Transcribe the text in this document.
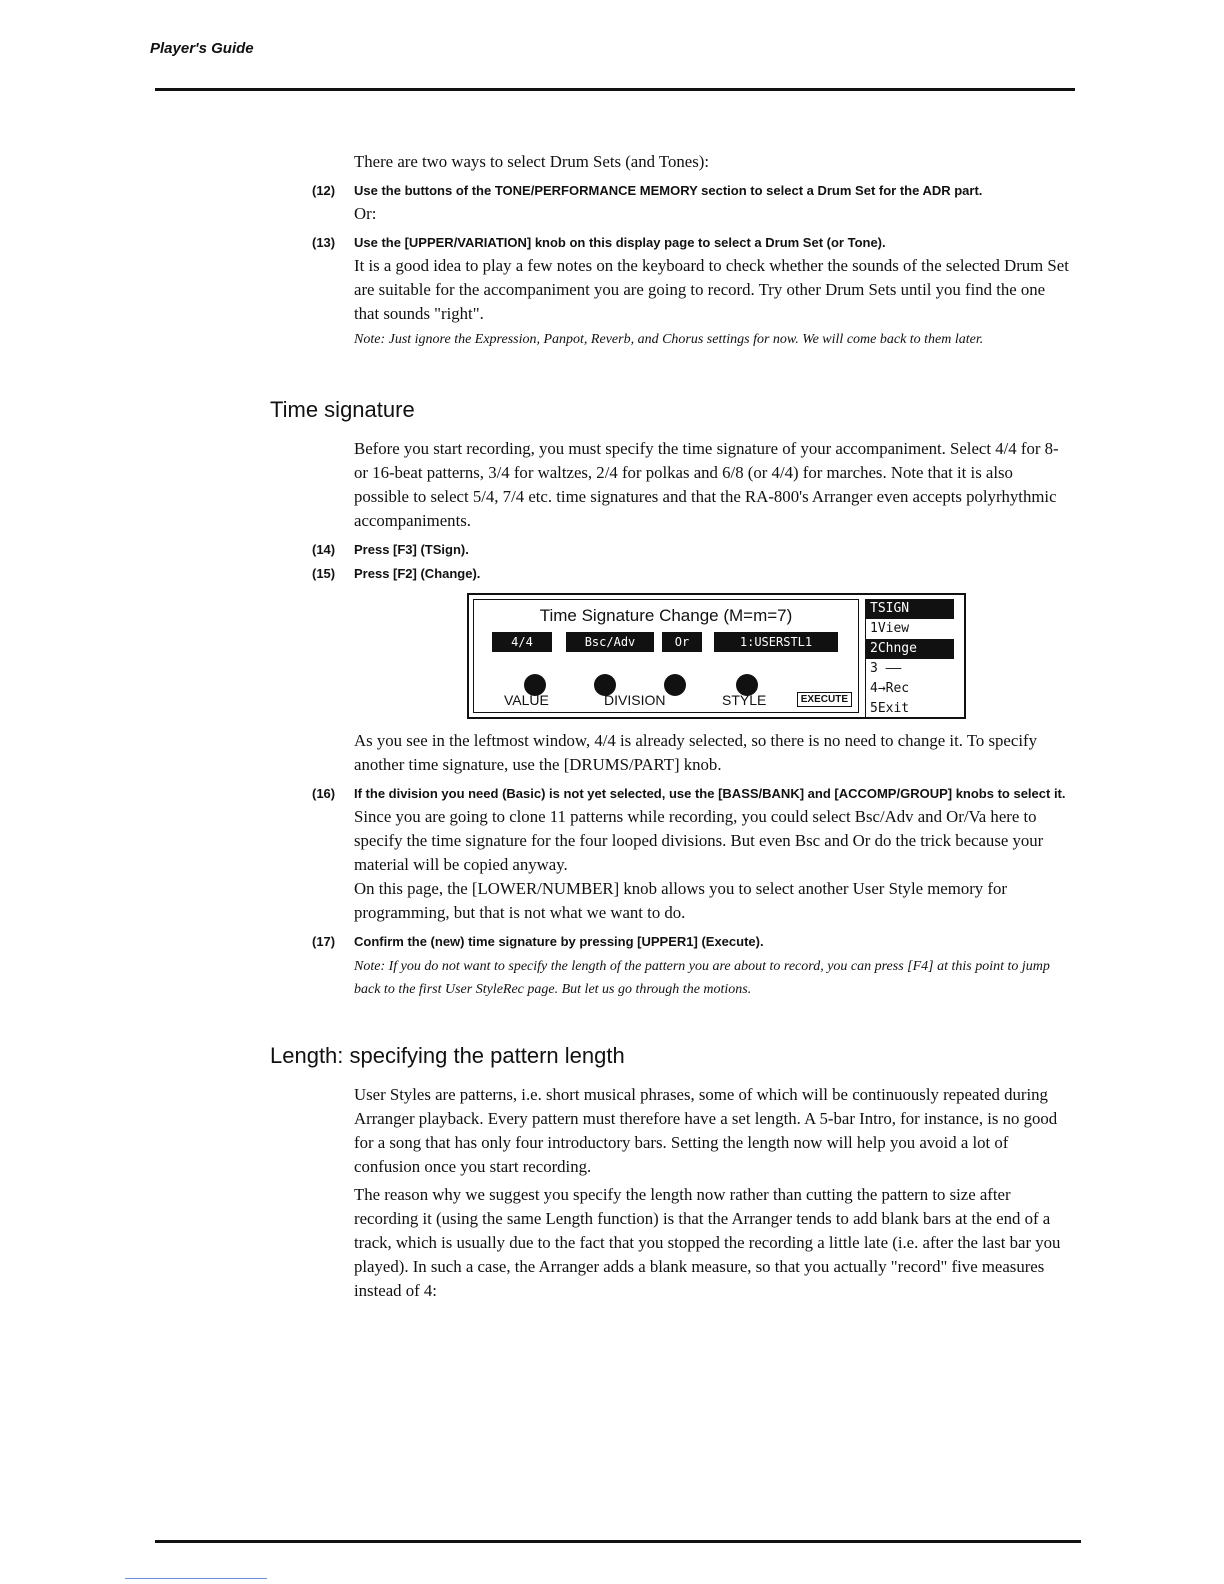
Player's Guide

There are two ways to select Drum Sets (and Tones):

(12)	Use the buttons of the TONE/PERFORMANCE MEMORY section to select a Drum Set for the ADR part.

Or:

(13)	Use the [UPPER/VARIATION] knob on this display page to select a Drum Set (or Tone).

It is a good idea to play a few notes on the keyboard to check whether the sounds of the selected Drum Set are suitable for the accompaniment you are going to record. Try other Drum Sets until you find the one that sounds "right".

Note: Just ignore the Expression, Panpot, Reverb, and Chorus settings for now. We will come back to them later.

Time signature

Before you start recording, you must specify the time signature of your accompaniment. Select 4/4 for 8- or 16-beat patterns, 3/4 for waltzes, 2/4 for polkas and 6/8 (or 4/4) for marches. Note that it is also possible to select 5/4, 7/4 etc. time signatures and that the RA-800's Arranger even accepts polyrhythmic accompaniments.

(14)	Press [F3] (TSign).
(15)	Press [F2] (Change).
Time Signature Change (M=m=7)
4/4	Bsc/Adv	Or	1:USERSTL1
VALUE	DIVISION	STYLE	EXECUTE
TSIGN
1View
2Chnge
3 ——
4→Rec
5Exit

As you see in the leftmost window, 4/4 is already selected, so there is no need to change it. To specify another time signature, use the [DRUMS/PART] knob.

(16)	If the division you need (Basic) is not yet selected, use the [BASS/BANK] and [ACCOMP/GROUP] knobs to select it.

Since you are going to clone 11 patterns while recording, you could select Bsc/Adv and Or/Va here to specify the time signature for the four looped divisions. But even Bsc and Or do the trick because your material will be copied anyway.

On this page, the [LOWER/NUMBER] knob allows you to select another User Style memory for programming, but that is not what we want to do.

(17)	Confirm the (new) time signature by pressing [UPPER1] (Execute).

Note: If you do not want to specify the length of the pattern you are about to record, you can press [F4] at this point to jump back to the first User StyleRec page. But let us go through the motions.

Length: specifying the pattern length

User Styles are patterns, i.e. short musical phrases, some of which will be continuously repeated during Arranger playback. Every pattern must therefore have a set length. A 5-bar Intro, for instance, is no good for a song that has only four introductory bars. Setting the length now will help you avoid a lot of confusion once you start recording.

The reason why we suggest you specify the length now rather than cutting the pattern to size after recording it (using the same Length function) is that the Arranger tends to add blank bars at the end of a track, which is usually due to the fact that you stopped the recording a little late (i.e. after the last bar you played). In such a case, the Arranger adds a blank measure, so that you actually "record" five measures instead of 4:
